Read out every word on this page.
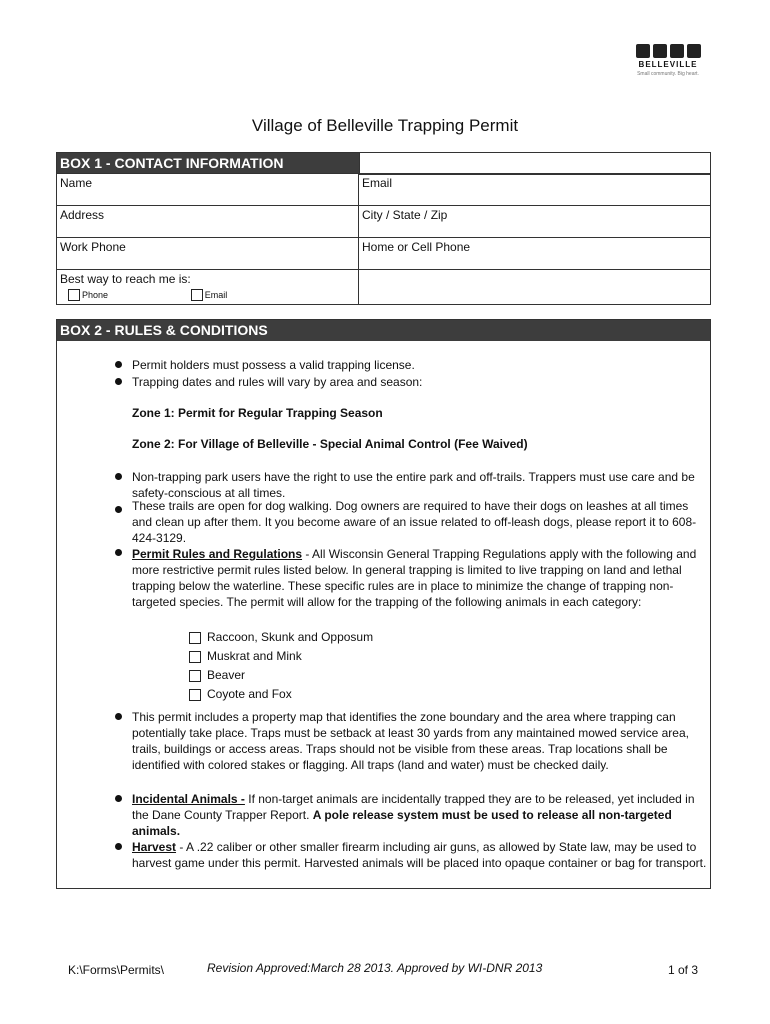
BELLEVILLE
Small community. Big heart.
Village of Belleville Trapping Permit
BOX 1 - CONTACT INFORMATION
Name	Email
Address	City / State / Zip
Work Phone	Home or Cell Phone
Best way to reach me is:
Phone	Email
BOX 2 - RULES & CONDITIONS
Permit holders must possess a valid trapping license.
Trapping dates and rules will vary by area and season:
Zone 1: Permit for Regular Trapping Season
Zone 2: For Village of Belleville - Special Animal Control (Fee Waived)
Non-trapping park users have the right to use the entire park and off-trails. Trappers must use care and be safety-conscious at all times.
These trails are open for dog walking. Dog owners are required to have their dogs on leashes at all times and clean up after them. It you become aware of an issue related to off-leash dogs, please report it to 608-424-3129.
Permit Rules and Regulations - All Wisconsin General Trapping Regulations apply with the following and more restrictive permit rules listed below. In general trapping is limited to live trapping on land and lethal trapping below the waterline. These specific rules are in place to minimize the change of trapping non-targeted species. The permit will allow for the trapping of the following animals in each category:
Raccoon, Skunk and Opposum
Muskrat and Mink
Beaver
Coyote and Fox
This permit includes a property map that identifies the zone boundary and the area where trapping can potentially take place. Traps must be setback at least 30 yards from any maintained mowed service area, trails, buildings or access areas. Traps should not be visible from these areas. Trap locations shall be identified with colored stakes or flagging. All traps (land and water) must be checked daily.
Incidental Animals - If non-target animals are incidentally trapped they are to be released, yet included in the Dane County Trapper Report. A pole release system must be used to release all non-targeted animals.
Harvest - A .22 caliber or other smaller firearm including air guns, as allowed by State law, may be used to harvest game under this permit. Harvested animals will be placed into opaque container or bag for transport.
K:\Forms\Permits\	Revision Approved:March 28 2013. Approved by WI-DNR 2013	1 of 3
